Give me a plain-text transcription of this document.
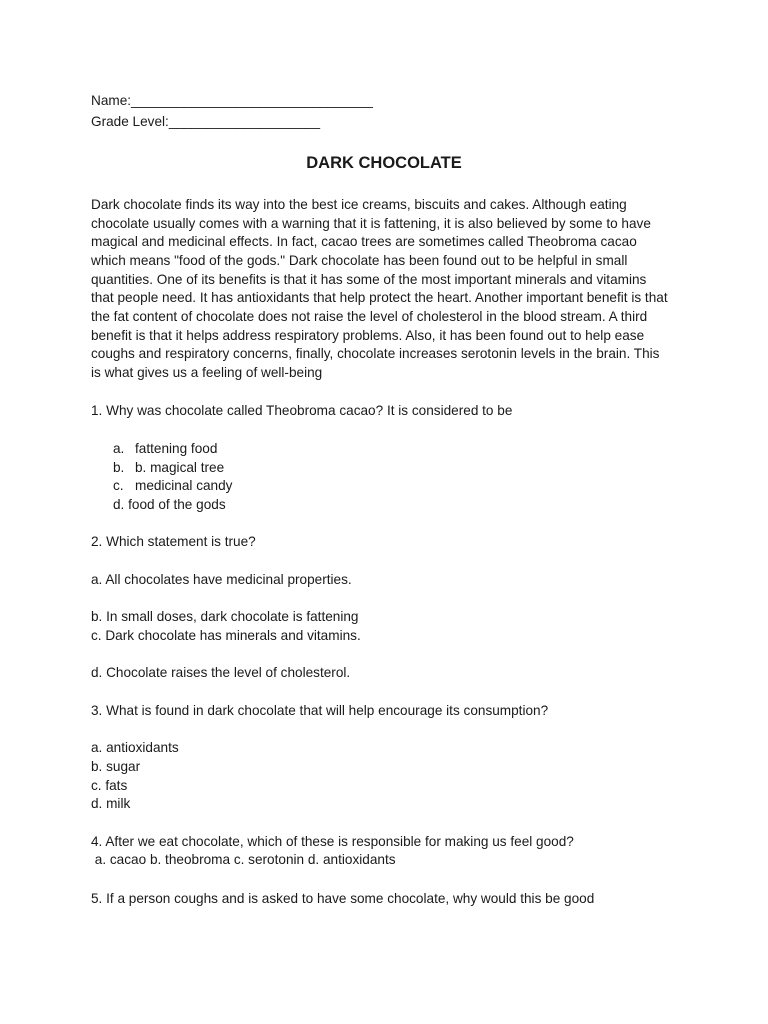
Name:________________________________

Grade Level:____________________

DARK CHOCOLATE

Dark chocolate finds its way into the best ice creams, biscuits and cakes. Although eating

chocolate usually comes with a warning that it is fattening, it is also believed by some to have

magical and medicinal effects. In fact, cacao trees are sometimes called Theobroma cacao

which means "food of the gods." Dark chocolate has been found out to be helpful in small

quantities. One of its benefits is that it has some of the most important minerals and vitamins

that people need. It has antioxidants that help protect the heart. Another important benefit is that

the fat content of chocolate does not raise the level of cholesterol in the blood stream. A third

benefit is that it helps address respiratory problems. Also, it has been found out to help ease

coughs and respiratory concerns, finally, chocolate increases serotonin levels in the brain. This

is what gives us a feeling of well-being

1. Why was chocolate called Theobroma cacao? It is considered to be

a. fattening food
b. b. magical tree
c. medicinal candy
d. food of the gods

2. Which statement is true?

a. All chocolates have medicinal properties.

b. In small doses, dark chocolate is fattening

c. Dark chocolate has minerals and vitamins.

d. Chocolate raises the level of cholesterol.

3. What is found in dark chocolate that will help encourage its consumption?

a. antioxidants

b. sugar

c. fats

d. milk

4. After we eat chocolate, which of these is responsible for making us feel good?

a. cacao b. theobroma c. serotonin d. antioxidants

5. If a person coughs and is asked to have some chocolate, why would this be good
